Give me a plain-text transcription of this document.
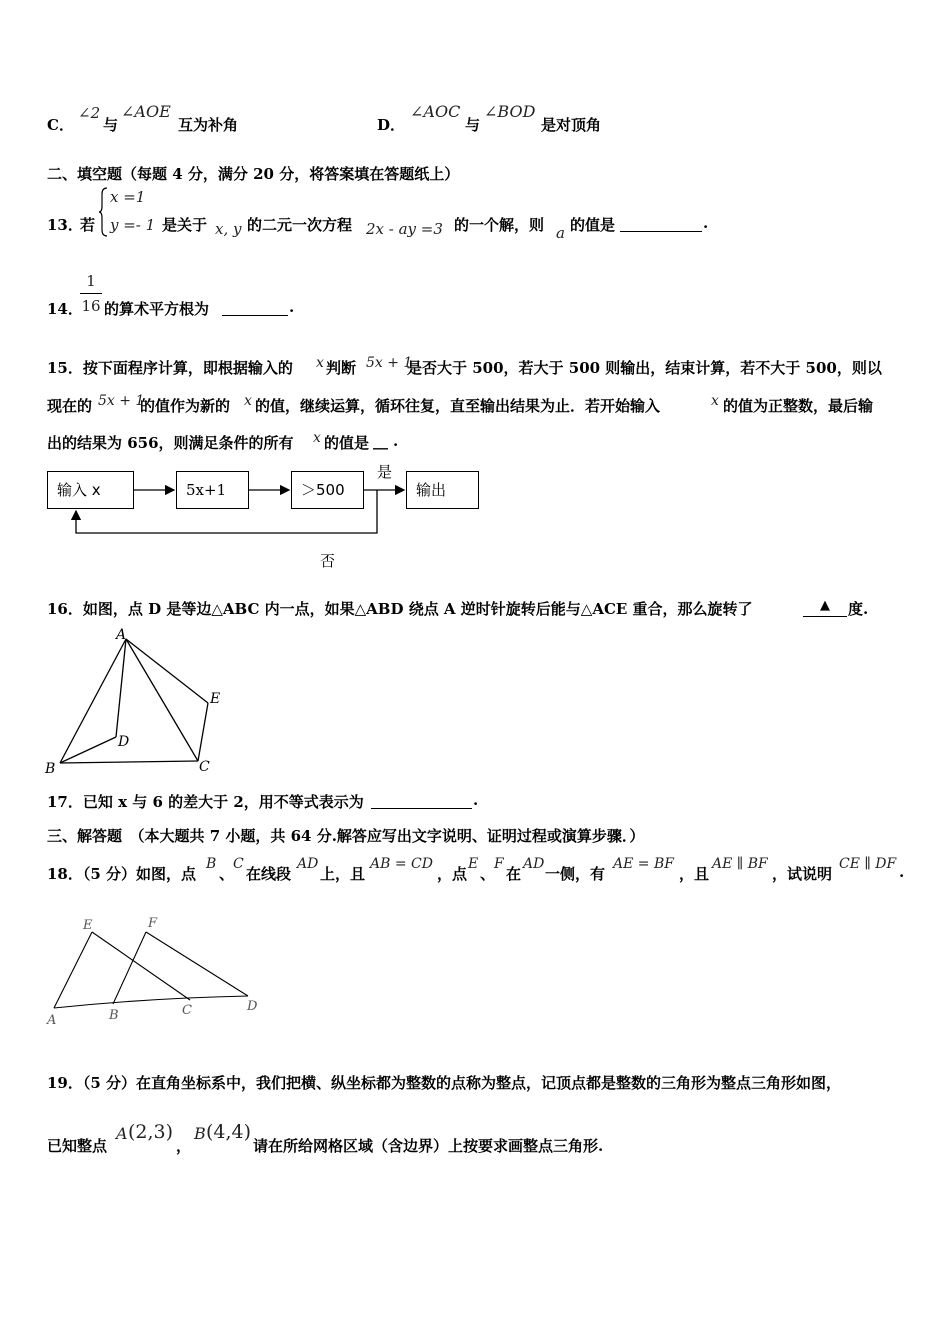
C．
∠2
与
∠AOE
互为补角	D．
∠AOC
与
∠BOD
是对顶角
二、填空题（每题 4 分，满分 20 分，将答案填在答题纸上）
13．
若
x =1
y =- 1 是关于 x, y 的二元一次方程 2x - ay =3 的一个解，则 a 的值是	.
1
16
14． 的算术平方根为	.
15．按下面程序计算，即根据输入的 x 判断 5x + 1
是否大于 500，若大于 500 则输出，结束计算，若不大于 500，则以
现在的 5x + 1
的值作为新的 x 的值，继续运算，循环往复，直至输出结果为止．若开始输入	x 的值为正整数，最后输
出的结果为 656，则满足条件的所有 x 的值是 __ .
输入 x	5x+1	＞500	输出
是
否
16．如图，点 D 是等边△ABC 内一点，如果△ABD 绕点 A 逆时针旋转后能与△ACE 重合，那么旋转了	▲ 度.
A
B	C
D
E
17．已知 x 与 6 的差大于 2，用不等式表示为	.
三、解答题　（本大题共 7 小题，共 64 分.解答应写出文字说明、证明过程或演算步骤．）
18．（5 分）如图，点
B
、
C
在线段
AD
上，且
AB = CD
，点
E
、
F
在
AD
一侧，有
AE = BF
，且
AE ∥ BF
，试说明
CE ∥ DF .
E	F
A	B	C	D
19．（5 分）在直角坐标系中，我们把横、纵坐标都为整数的点称为整点，记顶点都是整数的三角形为整点三角形如图，
已知整点
A (2,3)
，
B (4,4)
请在所给网格区域（含边界）上按要求画整点三角形.
